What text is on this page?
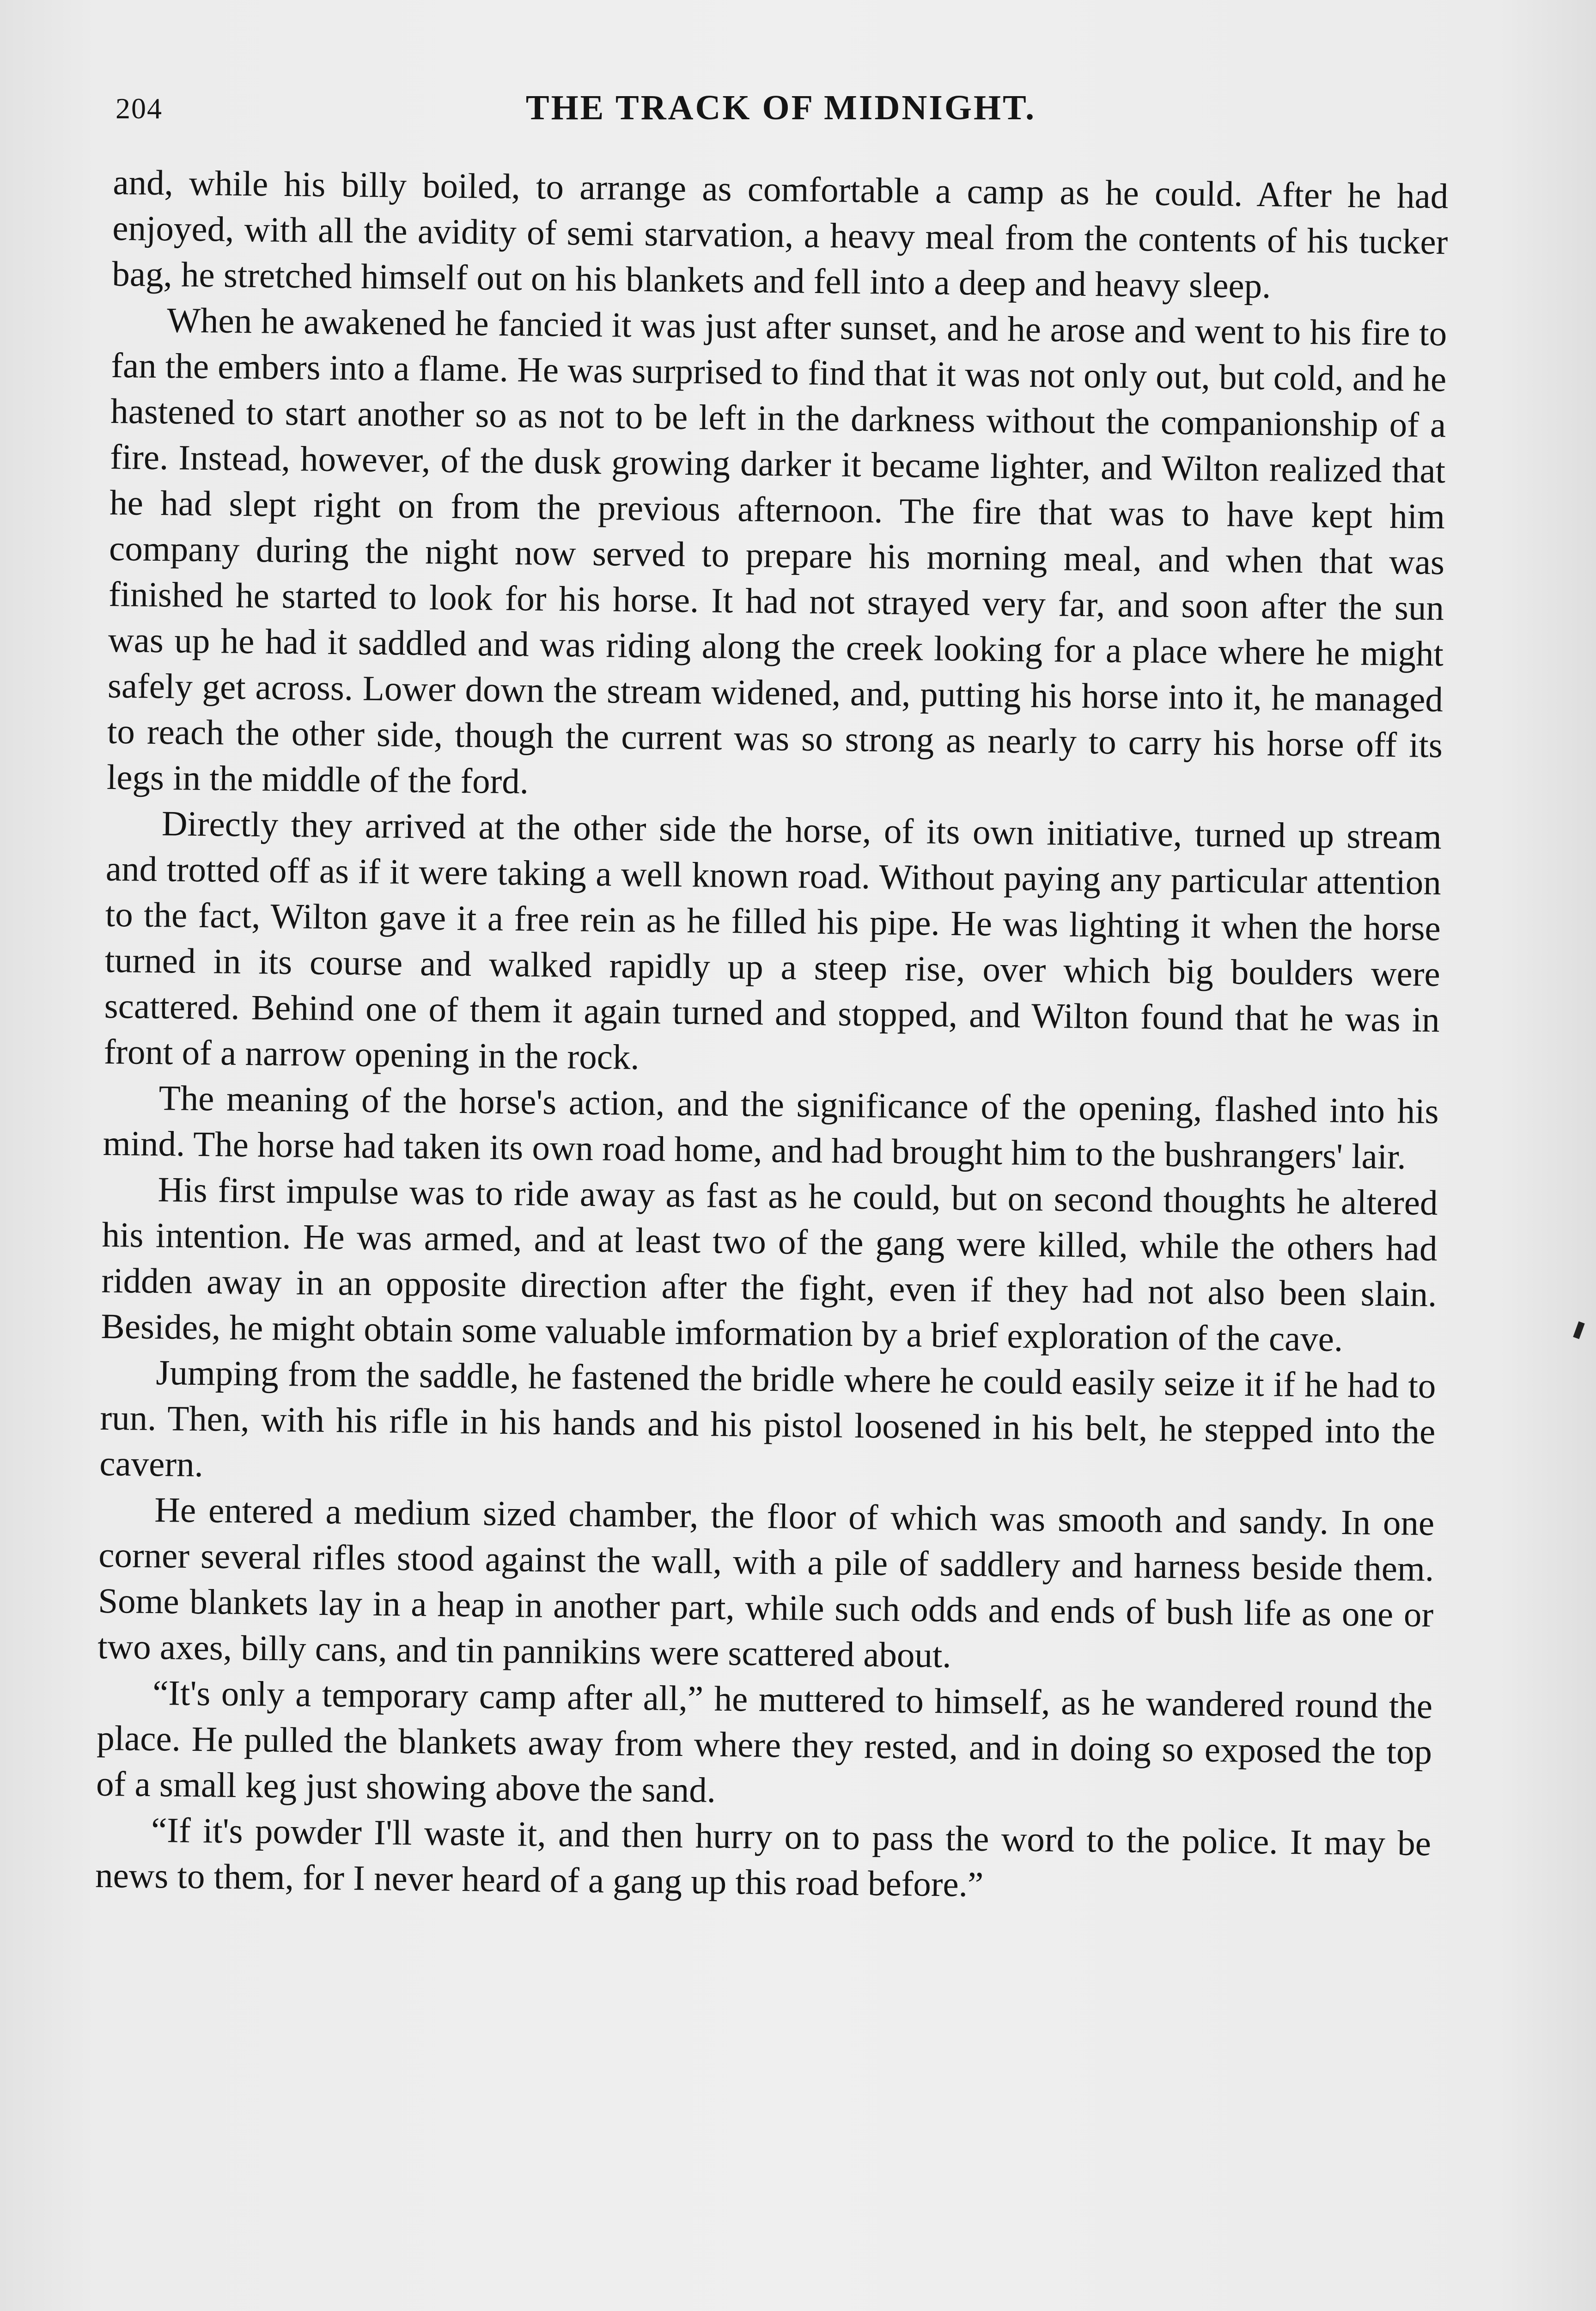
204	THE TRACK OF MIDNIGHT.

and, while his billy boiled, to arrange as comfortable a camp as he could. After he had enjoyed, with all the avidity of semi starvation, a heavy meal from the contents of his tucker bag, he stretched himself out on his blankets and fell into a deep and heavy sleep.

When he awakened he fancied it was just after sunset, and he arose and went to his fire to fan the embers into a flame. He was surprised to find that it was not only out, but cold, and he hastened to start another so as not to be left in the darkness without the companionship of a fire. Instead, however, of the dusk growing darker it became lighter, and Wilton realized that he had slept right on from the previous afternoon. The fire that was to have kept him company during the night now served to prepare his morning meal, and when that was finished he started to look for his horse. It had not strayed very far, and soon after the sun was up he had it saddled and was riding along the creek looking for a place where he might safely get across. Lower down the stream widened, and, putting his horse into it, he managed to reach the other side, though the current was so strong as nearly to carry his horse off its legs in the middle of the ford.

Directly they arrived at the other side the horse, of its own initiative, turned up stream and trotted off as if it were taking a well known road. Without paying any particular attention to the fact, Wilton gave it a free rein as he filled his pipe. He was lighting it when the horse turned in its course and walked rapidly up a steep rise, over which big boulders were scattered. Behind one of them it again turned and stopped, and Wilton found that he was in front of a narrow opening in the rock.

The meaning of the horse's action, and the significance of the opening, flashed into his mind. The horse had taken its own road home, and had brought him to the bushrangers' lair.

His first impulse was to ride away as fast as he could, but on second thoughts he altered his intention. He was armed, and at least two of the gang were killed, while the others had ridden away in an opposite direction after the fight, even if they had not also been slain. Besides, he might obtain some valuable imformation by a brief exploration of the cave.

Jumping from the saddle, he fastened the bridle where he could easily seize it if he had to run. Then, with his rifle in his hands and his pistol loosened in his belt, he stepped into the cavern.

He entered a medium sized chamber, the floor of which was smooth and sandy. In one corner several rifles stood against the wall, with a pile of saddlery and harness beside them. Some blankets lay in a heap in another part, while such odds and ends of bush life as one or two axes, billy cans, and tin pannikins were scattered about.

“It's only a temporary camp after all,” he muttered to himself, as he wandered round the place. He pulled the blankets away from where they rested, and in doing so exposed the top of a small keg just showing above the sand.

“If it's powder I'll waste it, and then hurry on to pass the word to the police. It may be news to them, for I never heard of a gang up this road before.”
